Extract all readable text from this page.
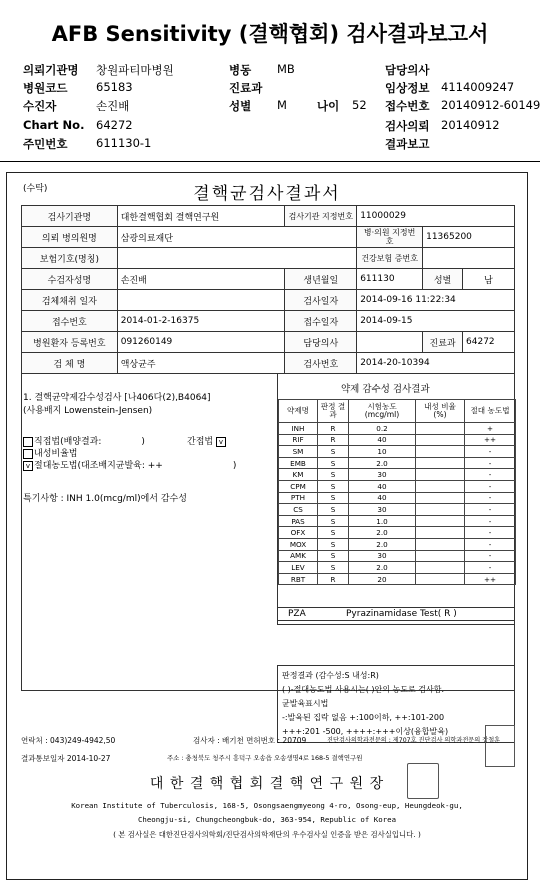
AFB Sensitivity (결핵협회) 검사결과보고서
의뢰기관명 창원파티마병원	병동 MB	담당의사
병원코드 65183	진료과	임상정보 4114009247
수진자	손진배	성별 M	나이 52 접수번호 20140912-60149
Chart No. 64272	검사의뢰 20140912
주민번호 611130-1	결과보고
(수탁)	결핵균검사결과서
검사기관명	대한결핵협회 결핵연구원	검사기관 지정번호	11000029		
의뢰 병의원명	삼광의료재단		병·의원 지정번호	11365200	
보험기호(명칭)			건강보험 증번호		
수검자성명	손진배	생년월일	611130	성별	남
검체채취 일자		검사일자	2014-09-16 11:22:34		
접수번호	2014-01-2-16375	접수일자	2014-09-15		
병원환자 등록번호	091260149	담당의사		진료과	64272
검 체 명	액상균주	검사번호	2014-20-10394		
1. 결핵균약제감수성검사 [나406다(2),B4064]
(사용배지 Lowenstein-Jensen)
직접법(배양결과:	)	간접법 v
내성비율법
v 절대농도법(대조배지균발육: ++	)
특기사항 : INH 1.0(mcg/ml)에서 감수성
약제 감수성 검사결과
약제명	판정 결과	시험농도 (mcg/ml)	내성 비율(%)	절대 농도법
INH	R	0.2		+
RIF	R	40		++
SM	S	10		-
EMB	S	2.0		-
KM	S	30		-
CPM	S	40		-
PTH	S	40		-
CS	S	30		-
PAS	S	1.0		-
OFX	S	2.0		-
MOX	S	2.0		-
AMK	S	30		-
LEV	S	2.0		-
RBT	R	20		++
PZA	Pyrazinamidase Test( R )
판정결과 (감수성:S 내성:R)
( )-절대농도법 사용시는( )안의 농도로 검사함.
균발육표시법
-:발육된 집락 없음 +:100이하, ++:101-200
+++:201 -500, ++++:+++이상(융합발육)
연락처 : 043)249-4942,50	검사자 : 배기천 면허번호 : 20709	진단검사의학과전문의 : 제707호 진단검사 의학과전문의 장철훈
결과통보일자 2014-10-27	주소 : 충청북도 청주시 흥덕구 오송읍 오송생명4로 168-5 결핵연구원
대 한 결 핵 협 회 결 핵 연 구 원 장
Korean Institute of Tuberculosis, 168-5, Osongsaengmyeong 4-ro, Osong-eup, Heungdeok-gu,
Cheongju-si, Chungcheongbuk-do, 363-954, Republic of Korea
( 본 검사실은 대한진단검사의학회/진단검사의학재단의 우수검사실 인증을 받은 검사실입니다. )
